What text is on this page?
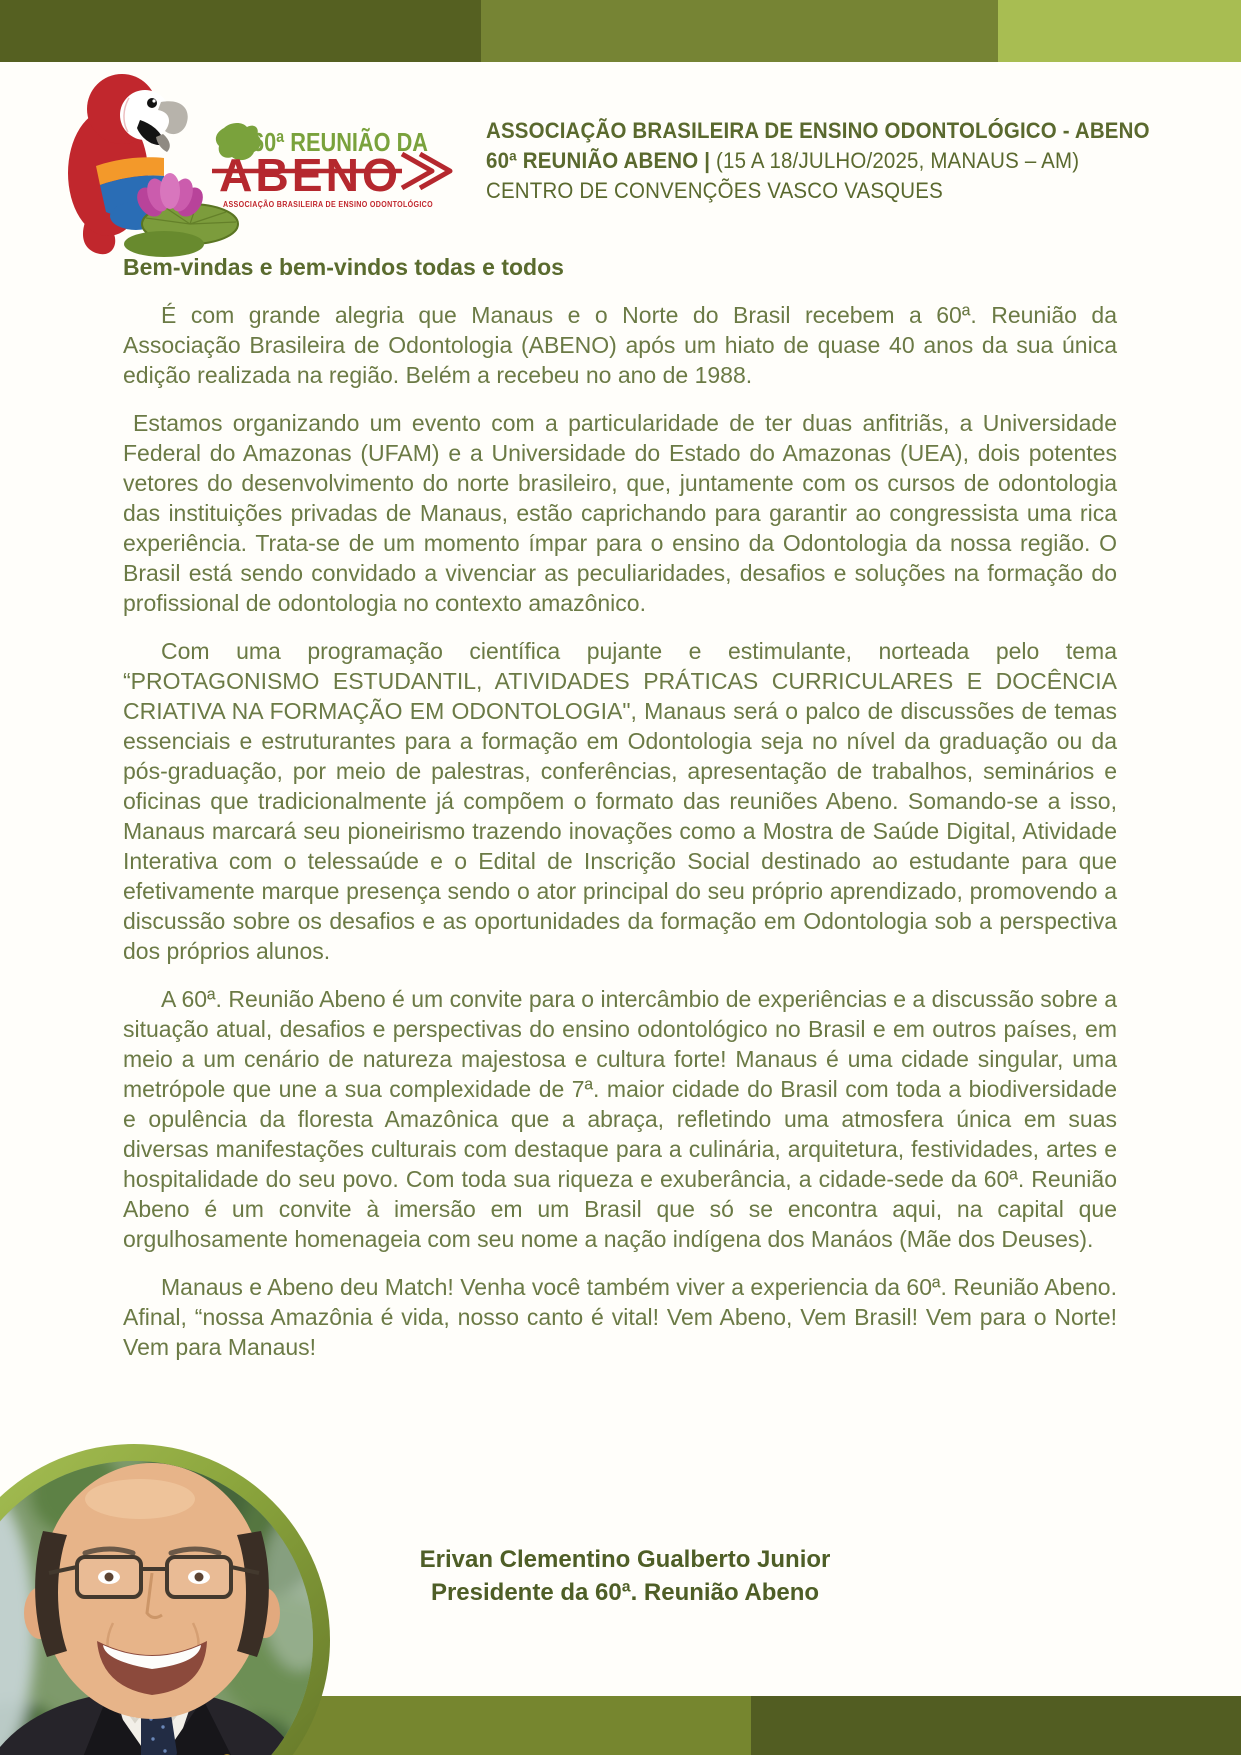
60ª REUNIÃO DA
ABENO
ASSOCIAÇÃO BRASILEIRA DE ENSINO ODONTOLÓGICO
ASSOCIAÇÃO BRASILEIRA DE ENSINO ODONTOLÓGICO - ABENO
60ª REUNIÃO ABENO | (15 A 18/JULHO/2025, MANAUS – AM)
CENTRO DE CONVENÇÕES VASCO VASQUES
Bem-vindas e bem-vindos todas e todos

É com grande alegria que Manaus e o Norte do Brasil recebem a 60ª. Reunião da Associação Brasileira de Odontologia (ABENO) após um hiato de quase 40 anos da sua única edição realizada na região. Belém a recebeu no ano de 1988.

Estamos organizando um evento com a particularidade de ter duas anfitriãs, a Universidade Federal do Amazonas (UFAM) e a Universidade do Estado do Amazonas (UEA), dois potentes vetores do desenvolvimento do norte brasileiro, que, juntamente com os cursos de odontologia das instituições privadas de Manaus, estão caprichando para garantir ao congressista uma rica experiência. Trata-se de um momento ímpar para o ensino da Odontologia da nossa região. O Brasil está sendo convidado a vivenciar as peculiaridades, desafios e soluções na formação do profissional de odontologia no contexto amazônico.

Com uma programação científica pujante e estimulante, norteada pelo tema “PROTAGONISMO ESTUDANTIL, ATIVIDADES PRÁTICAS CURRICULARES E DOCÊNCIA CRIATIVA NA FORMAÇÃO EM ODONTOLOGIA", Manaus será o palco de discussões de temas essenciais e estruturantes para a formação em Odontologia seja no nível da graduação ou da pós-graduação, por meio de palestras, conferências, apresentação de trabalhos, seminários e oficinas que tradicionalmente já compõem o formato das reuniões Abeno. Somando-se a isso, Manaus marcará seu pioneirismo trazendo inovações como a Mostra de Saúde Digital, Atividade Interativa com o telessaúde e o Edital de Inscrição Social destinado ao estudante para que efetivamente marque presença sendo o ator principal do seu próprio aprendizado, promovendo a discussão sobre os desafios e as oportunidades da formação em Odontologia sob a perspectiva dos próprios alunos.

A 60ª. Reunião Abeno é um convite para o intercâmbio de experiências e a discussão sobre a situação atual, desafios e perspectivas do ensino odontológico no Brasil e em outros países, em meio a um cenário de natureza majestosa e cultura forte! Manaus é uma cidade singular, uma metrópole que une a sua complexidade de 7ª. maior cidade do Brasil com toda a biodiversidade e opulência da floresta Amazônica que a abraça, refletindo uma atmosfera única em suas diversas manifestações culturais com destaque para a culinária, arquitetura, festividades, artes e hospitalidade do seu povo. Com toda sua riqueza e exuberância, a cidade-sede da 60ª. Reunião Abeno é um convite à imersão em um Brasil que só se encontra aqui, na capital que orgulhosamente homenageia com seu nome a nação indígena dos Manáos (Mãe dos Deuses).

Manaus e Abeno deu Match! Venha você também viver a experiencia da 60ª. Reunião Abeno. Afinal, “nossa Amazônia é vida, nosso canto é vital! Vem Abeno, Vem Brasil! Vem para o Norte! Vem para Manaus!

Erivan Clementino Gualberto Junior
Presidente da 60ª. Reunião Abeno
